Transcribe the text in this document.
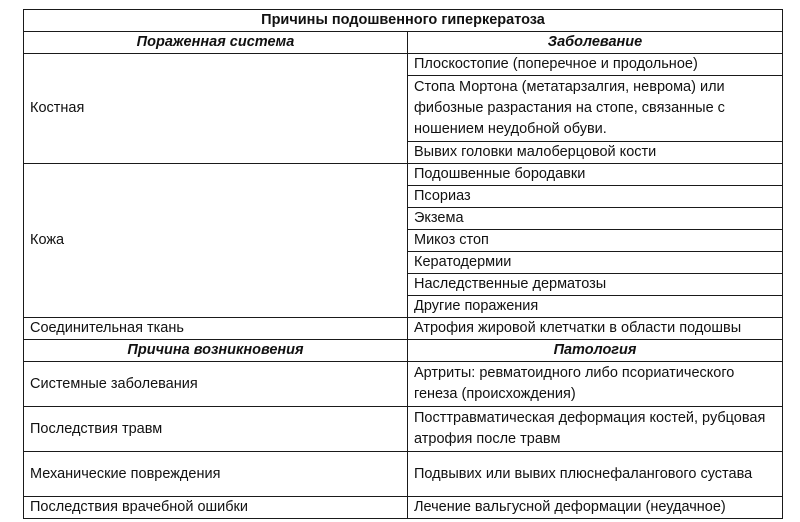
Причины подошвенного гиперкератоза	
Пораженная система	Заболевание
Костная	Плоскостопие (поперечное и продольное)
	Стопа Мортона (метатарзалгия, неврома) или фибозные разрастания на стопе, связанные с ношением неудобной обуви.
	Вывих головки малоберцовой кости
Кожа	Подошвенные бородавки
	Псориаз
	Экзема
	Микоз стоп
	Кератодермии
	Наследственные дерматозы
	Другие поражения
Соединительная ткань	Атрофия жировой клетчатки в области подошвы
Причина возникновения	Патология
Системные заболевания	Артриты: ревматоидного либо псориатического генеза (происхождения)
Последствия травм	Посттравматическая деформация костей, рубцовая атрофия после травм
Механические повреждения	Подвывих или вывих плюснефалангового сустава
Последствия врачебной ошибки	Лечение вальгусной деформации (неудачное)
